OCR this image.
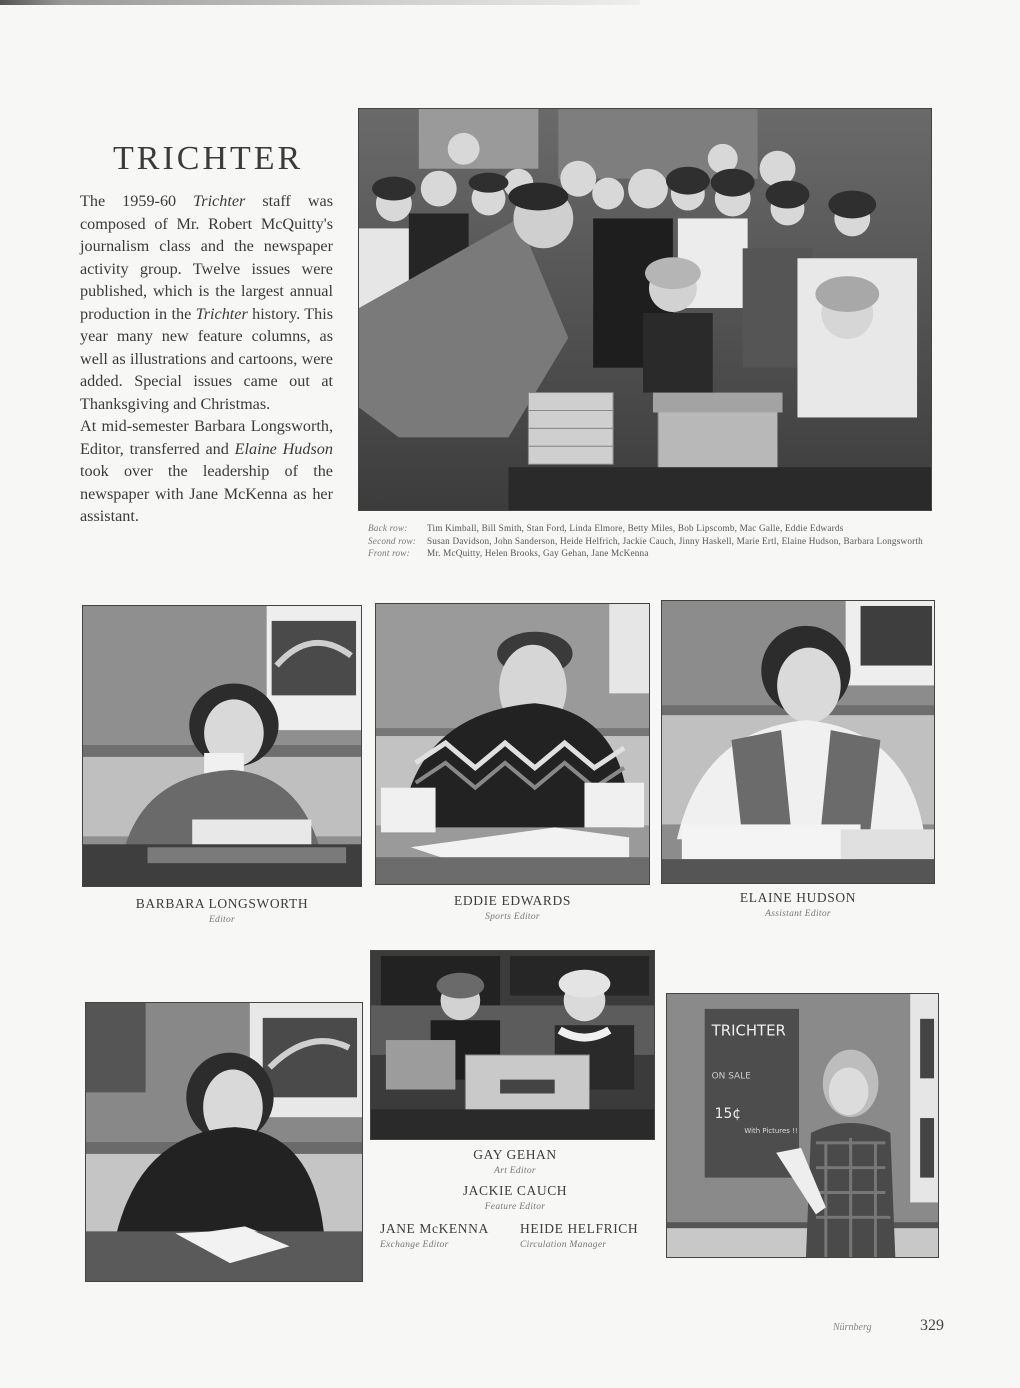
TRICHTER

The 1959-60 Trichter staff was composed of Mr. Robert McQuitty's journalism class and the newspaper activity group. Twelve issues were published, which is the largest annual production in the Trichter history. This year many new feature columns, as well as illustrations and cartoons, were added. Special issues came out at Thanksgiving and Christmas.

At mid-semester Barbara Longsworth, Editor, transferred and Elaine Hudson took over the leadership of the newspaper with Jane McKenna as her assistant.

Back row:	Tim Kimball, Bill Smith, Stan Ford, Linda Elmore, Betty Miles, Bob Lipscomb, Mac Galle, Eddie Edwards
Second row:	Susan Davidson, John Sanderson, Heide Helfrich, Jackie Cauch, Jinny Haskell, Marie Ertl, Elaine Hudson, Barbara Longsworth
Front row:	Mr. McQuitty, Helen Brooks, Gay Gehan, Jane McKenna
BARBARA LONGSWORTH
Editor
EDDIE EDWARDS
Sports Editor
ELAINE HUDSON
Assistant Editor
GAY GEHAN
Art Editor
JACKIE CAUCH
Feature Editor
JANE McKENNA
Exchange Editor
HEIDE HELFRICH
Circulation Manager
TRICHTER
ON SALE
15¢
With Pictures !!
Nürnberg	329
